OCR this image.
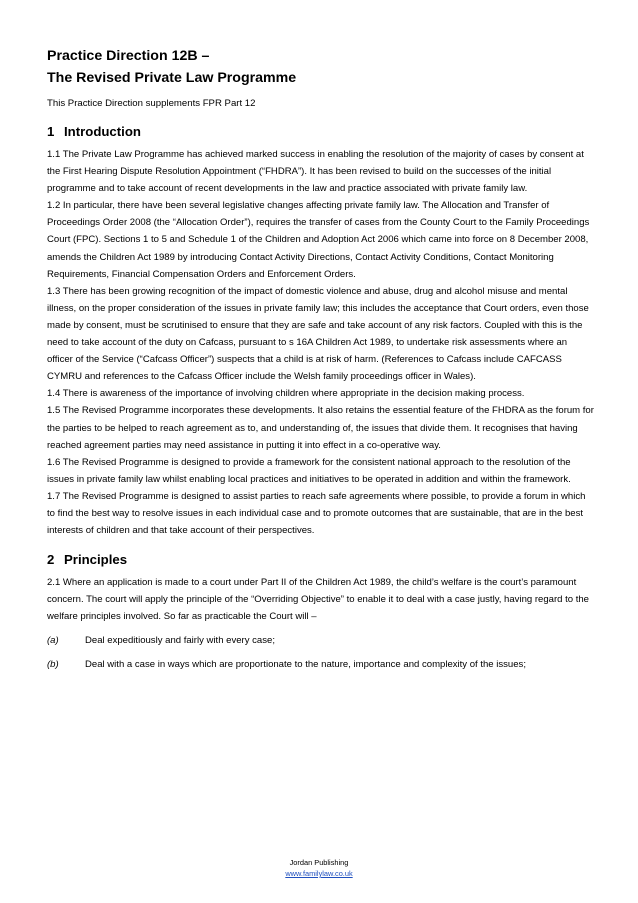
Practice Direction 12B –
The Revised Private Law Programme
This Practice Direction supplements FPR Part 12
1 Introduction

1.1 The Private Law Programme has achieved marked success in enabling the resolution of the majority of cases by consent at the First Hearing Dispute Resolution Appointment (“FHDRA”). It has been revised to build on the successes of the initial programme and to take account of recent developments in the law and practice associated with private family law.

1.2 In particular, there have been several legislative changes affecting private family law. The Allocation and Transfer of Proceedings Order 2008 (the “Allocation Order”), requires the transfer of cases from the County Court to the Family Proceedings Court (FPC). Sections 1 to 5 and Schedule 1 of the Children and Adoption Act 2006 which came into force on 8 December 2008, amends the Children Act 1989 by introducing Contact Activity Directions, Contact Activity Conditions, Contact Monitoring Requirements, Financial Compensation Orders and Enforcement Orders.

1.3 There has been growing recognition of the impact of domestic violence and abuse, drug and alcohol misuse and mental illness, on the proper consideration of the issues in private family law; this includes the acceptance that Court orders, even those made by consent, must be scrutinised to ensure that they are safe and take account of any risk factors. Coupled with this is the need to take account of the duty on Cafcass, pursuant to s 16A Children Act 1989, to undertake risk assessments where an officer of the Service (“Cafcass Officer”) suspects that a child is at risk of harm. (References to Cafcass include CAFCASS CYMRU and references to the Cafcass Officer include the Welsh family proceedings officer in Wales).

1.4 There is awareness of the importance of involving children where appropriate in the decision making process.

1.5 The Revised Programme incorporates these developments. It also retains the essential feature of the FHDRA as the forum for the parties to be helped to reach agreement as to, and understanding of, the issues that divide them. It recognises that having reached agreement parties may need assistance in putting it into effect in a co-operative way.

1.6 The Revised Programme is designed to provide a framework for the consistent national approach to the resolution of the issues in private family law whilst enabling local practices and initiatives to be operated in addition and within the framework.

1.7 The Revised Programme is designed to assist parties to reach safe agreements where possible, to provide a forum in which to find the best way to resolve issues in each individual case and to promote outcomes that are sustainable, that are in the best interests of children and that take account of their perspectives.

2 Principles

2.1 Where an application is made to a court under Part II of the Children Act 1989, the child’s welfare is the court’s paramount concern. The court will apply the principle of the “Overriding Objective” to enable it to deal with a case justly, having regard to the welfare principles involved. So far as practicable the Court will –

(a)	Deal expeditiously and fairly with every case;
(b)	Deal with a case in ways which are proportionate to the nature, importance and complexity of the issues;
Jordan Publishing
www.familylaw.co.uk
